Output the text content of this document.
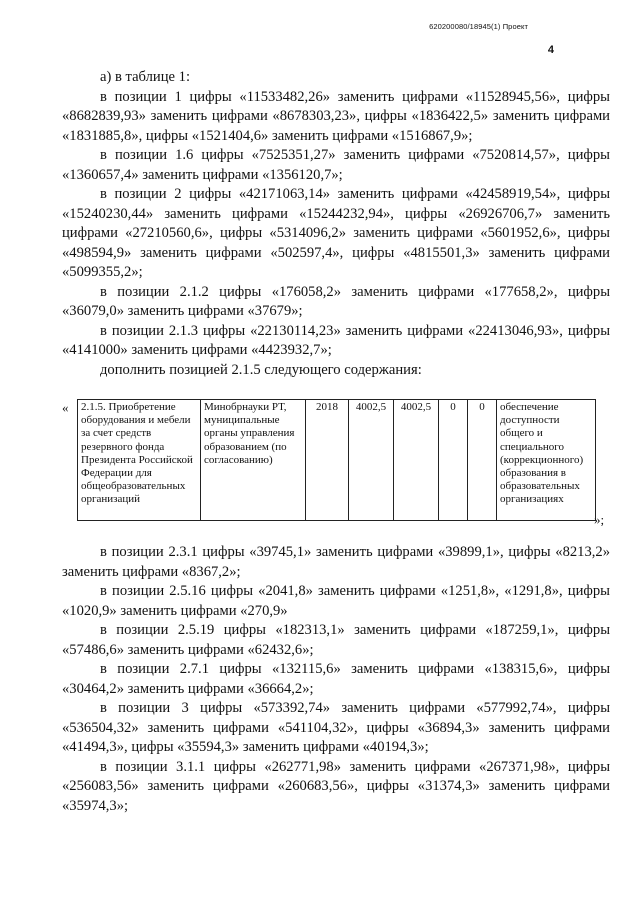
620200080/18945(1) Проект
4

а) в таблице 1:

в позиции 1 цифры «11533482,26» заменить цифрами «11528945,56», цифры «8682839,93» заменить цифрами «8678303,23», цифры «1836422,5» заменить цифрами «1831885,8», цифры «1521404,6» заменить цифрами «1516867,9»;

в позиции 1.6 цифры «7525351,27» заменить цифрами «7520814,57», цифры «1360657,4» заменить цифрами «1356120,7»;

в позиции 2 цифры «42171063,14» заменить цифрами «42458919,54», цифры «15240230,44» заменить цифрами «15244232,94», цифры «26926706,7» заменить цифрами «27210560,6», цифры «5314096,2» заменить цифрами «5601952,6», цифры «498594,9» заменить цифрами «502597,4», цифры «4815501,3» заменить цифрами «5099355,2»;

в позиции 2.1.2 цифры «176058,2» заменить цифрами «177658,2», цифры «36079,0» заменить цифрами «37679»;

в позиции 2.1.3 цифры «22130114,23» заменить цифрами «22413046,93», цифры «4141000» заменить цифрами «4423932,7»;

дополнить позицией 2.1.5 следующего содержания:

« 2.1.5. Приобретение оборудования и мебели за счет средств резервного фонда Президента Российской Федерации для общеобразовательных организаций	Минобрнауки РТ, муниципальные органы управления образованием (по согласованию)	2018	4002,5	4002,5	0	0	обеспечение доступности общего и специального (коррекционного) образования в образовательных организациях
»;

в позиции 2.3.1 цифры «39745,1» заменить цифрами «39899,1», цифры «8213,2» заменить цифрами «8367,2»;

в позиции 2.5.16 цифры «2041,8» заменить цифрами «1251,8», «1291,8», цифры «1020,9» заменить цифрами «270,9»

в позиции 2.5.19 цифры «182313,1» заменить цифрами «187259,1», цифры «57486,6» заменить цифрами «62432,6»;

в позиции 2.7.1 цифры «132115,6» заменить цифрами «138315,6», цифры «30464,2» заменить цифрами «36664,2»;

в позиции 3 цифры «573392,74» заменить цифрами «577992,74», цифры «536504,32» заменить цифрами «541104,32», цифры «36894,3» заменить цифрами «41494,3», цифры «35594,3» заменить цифрами «40194,3»;

в позиции 3.1.1 цифры «262771,98» заменить цифрами «267371,98», цифры «256083,56» заменить цифрами «260683,56», цифры «31374,3» заменить цифрами «35974,3»;
